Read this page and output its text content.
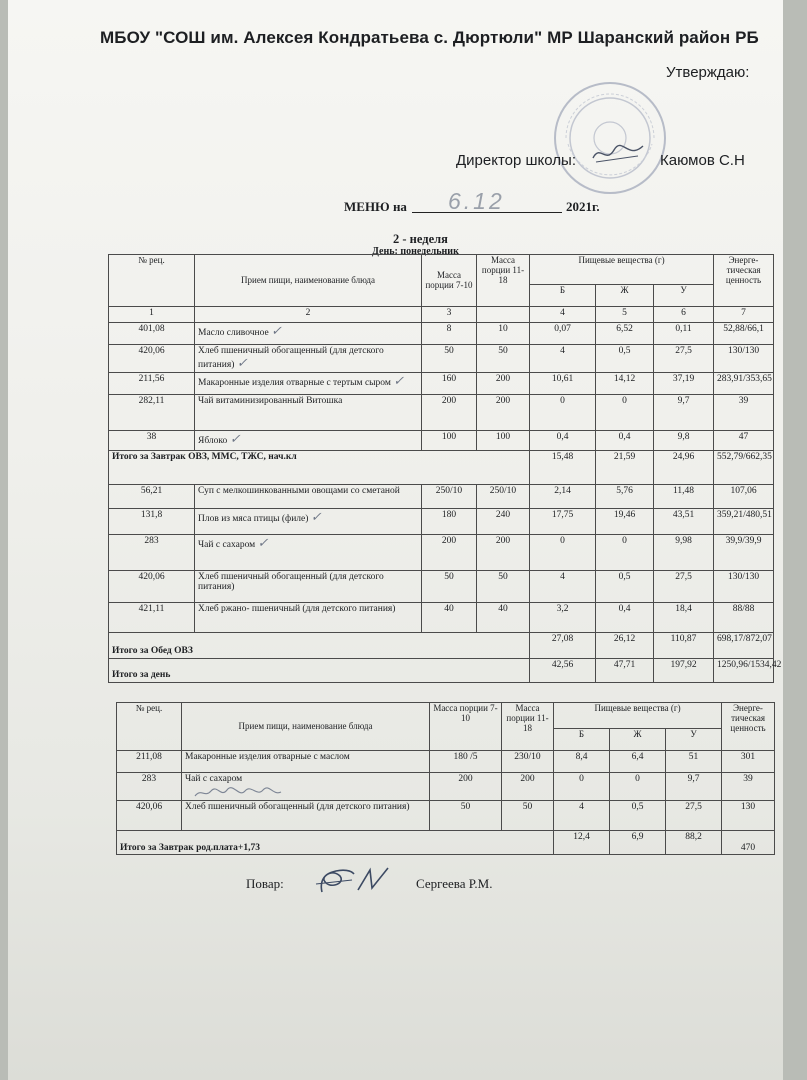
МБОУ "СОШ им. Алексея Кондратьева с. Дюртюли" МР Шаранский район РБ
Утверждаю:
Директор школы:	Каюмов С.Н
МЕНЮ на 6.12	2021г.
2 - неделя
День: понедельник
№ рец.	Прием пищи, наименование блюда	Масса порции 7-10	Масса порции 11-18	Пищевые вещества (г)			Энерге-тическая ценность
				Б	Ж	У	
1	2	3		4	5	6	7
401,08	Масло сливочное ✓	8	10	0,07	6,52	0,11	52,88/66,1
420,06	Хлеб пшеничный обогащенный (для детского питания) ✓	50	50	4	0,5	27,5	130/130
211,56	Макаронные изделия отварные с тертым сыром ✓	160	200	10,61	14,12	37,19	283,91/353,65
282,11	Чай витаминизированный Витошка	200	200	0	0	9,7	39
38	Яблоко ✓	100	100	0,4	0,4	9,8	47
Итого за Завтрак ОВЗ, ММС, ТЖС, нач.кл				15,48	21,59	24,96	552,79/662,35
56,21	Суп с мелкошинкованными овощами со сметаной	250/10	250/10	2,14	5,76	11,48	107,06
131,8	Плов из мяса птицы (филе) ✓	180	240	17,75	19,46	43,51	359,21/480,51
283	Чай с сахаром ✓	200	200	0	0	9,98	39,9/39,9
420,06	Хлеб пшеничный обогащенный (для детского питания)	50	50	4	0,5	27,5	130/130
421,11	Хлеб ржано- пшеничный (для детского питания)	40	40	3,2	0,4	18,4	88/88
Итого за Обед ОВЗ				27,08	26,12	110,87	698,17/872,07
Итого за день				42,56	47,71	197,92	1250,96/1534,42
№ рец.	Прием пищи, наименование блюда	Масса порции 7-10	Масса порции 11-18	Пищевые вещества (г)			Энерге-тическая ценность
				Б	Ж	У	
211,08	Макаронные изделия отварные с маслом	180 /5	230/10	8,4	6,4	51	301
283	Чай с сахаром	200	200	0	0	9,7	39
420,06	Хлеб пшеничный обогащенный (для детского питания)	50	50	4	0,5	27,5	130
Итого за Завтрак род.плата+1,73				12,4	6,9	88,2	470
Повар:	Сергеева Р.М.
